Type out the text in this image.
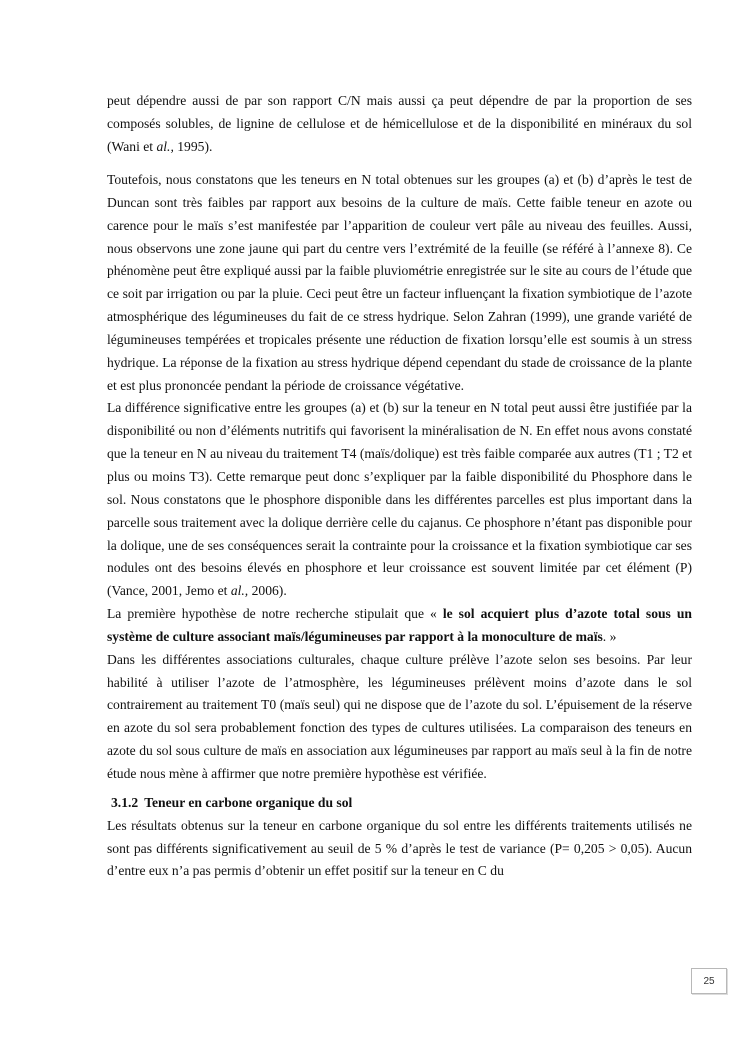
peut dépendre aussi de par son rapport C/N mais aussi ça peut dépendre de par la proportion de ses composés solubles, de lignine de cellulose et de hémicellulose et de la disponibilité en minéraux du sol (Wani et al., 1995).

Toutefois, nous constatons que les teneurs en N total obtenues sur les groupes (a) et (b) d’après le test de Duncan sont très faibles par rapport aux besoins de la culture de maïs. Cette faible teneur en azote ou carence pour le maïs s’est manifestée par l’apparition de couleur vert pâle au niveau des feuilles. Aussi, nous observons une zone jaune qui part du centre vers l’extrémité de la feuille (se référé à l’annexe 8). Ce phénomène peut être expliqué aussi par la faible pluviométrie enregistrée sur le site au cours de l’étude que ce soit par irrigation ou par la pluie. Ceci peut être un facteur influençant la fixation symbiotique de l’azote atmosphérique des légumineuses du fait de ce stress hydrique. Selon Zahran (1999), une grande variété de légumineuses tempérées et tropicales présente une réduction de fixation lorsqu’elle est soumis à un stress hydrique. La réponse de la fixation au stress hydrique dépend cependant du stade de croissance de la plante et est plus prononcée pendant la période de croissance végétative.

La différence significative entre les groupes (a) et (b) sur la teneur en N total peut aussi être justifiée par la disponibilité ou non d’éléments nutritifs qui favorisent la minéralisation de N. En effet nous avons constaté que la teneur en N au niveau du traitement T4 (maïs/dolique) est très faible comparée aux autres (T1 ; T2 et plus ou moins T3). Cette remarque peut donc s’expliquer par la faible disponibilité du Phosphore dans le sol. Nous constatons que le phosphore disponible dans les différentes parcelles est plus important dans la parcelle sous traitement avec la dolique derrière celle du cajanus. Ce phosphore n’étant pas disponible pour la dolique, une de ses conséquences serait la contrainte pour la croissance et la fixation symbiotique car ses nodules ont des besoins élevés en phosphore et leur croissance est souvent limitée par cet élément (P) (Vance, 2001, Jemo et al., 2006).

La première hypothèse de notre recherche stipulait que « le sol acquiert plus d’azote total sous un système de culture associant maïs/légumineuses par rapport à la monoculture de maïs. »

Dans les différentes associations culturales, chaque culture prélève l’azote selon ses besoins. Par leur habilité à utiliser l’azote de l’atmosphère, les légumineuses prélèvent moins d’azote dans le sol contrairement au traitement T0 (maïs seul) qui ne dispose que de l’azote du sol. L’épuisement de la réserve en azote du sol sera probablement fonction des types de cultures utilisées. La comparaison des teneurs en azote du sol sous culture de maïs en association aux légumineuses par rapport au maïs seul à la fin de notre étude nous mène à affirmer que notre première hypothèse est vérifiée.

3.1.2 Teneur en carbone organique du sol

Les résultats obtenus sur la teneur en carbone organique du sol entre les différents traitements utilisés ne sont pas différents significativement au seuil de 5 % d’après le test de variance (P= 0,205 > 0,05). Aucun d’entre eux n’a pas permis d’obtenir un effet positif sur la teneur en C du

25
